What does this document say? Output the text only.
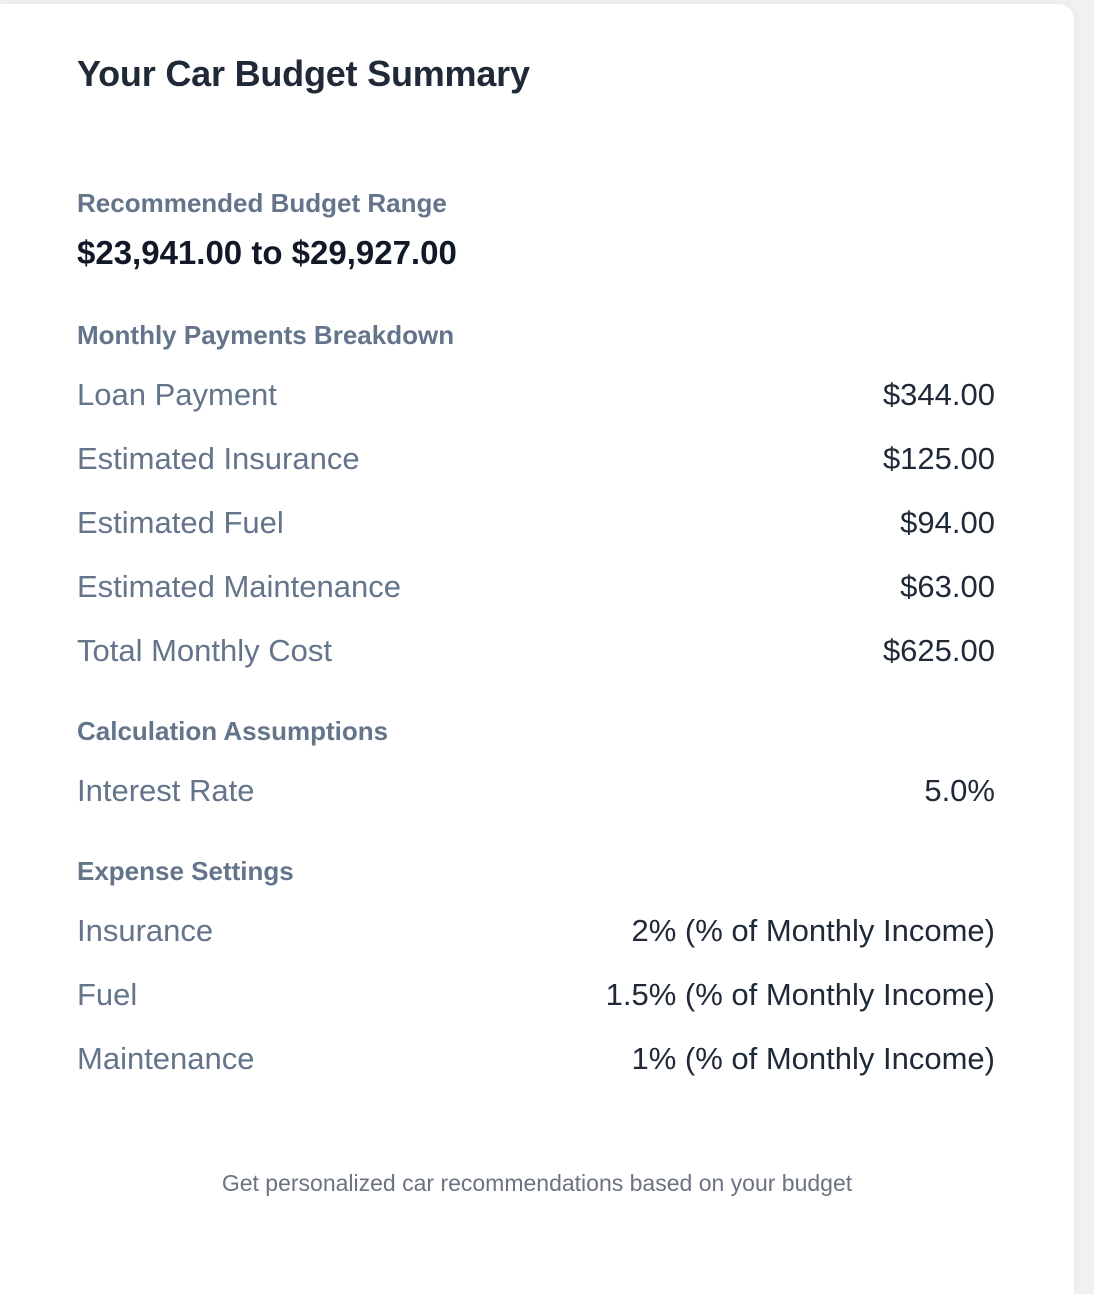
Your Car Budget Summary
Recommended Budget Range
$23,941.00 to $29,927.00
Monthly Payments Breakdown
Loan Payment	$344.00
Estimated Insurance	$125.00
Estimated Fuel	$94.00
Estimated Maintenance	$63.00
Total Monthly Cost	$625.00
Calculation Assumptions
Interest Rate	5.0%
Expense Settings
Insurance	2% (% of Monthly Income)
Fuel	1.5% (% of Monthly Income)
Maintenance	1% (% of Monthly Income)
Get personalized car recommendations based on your budget
